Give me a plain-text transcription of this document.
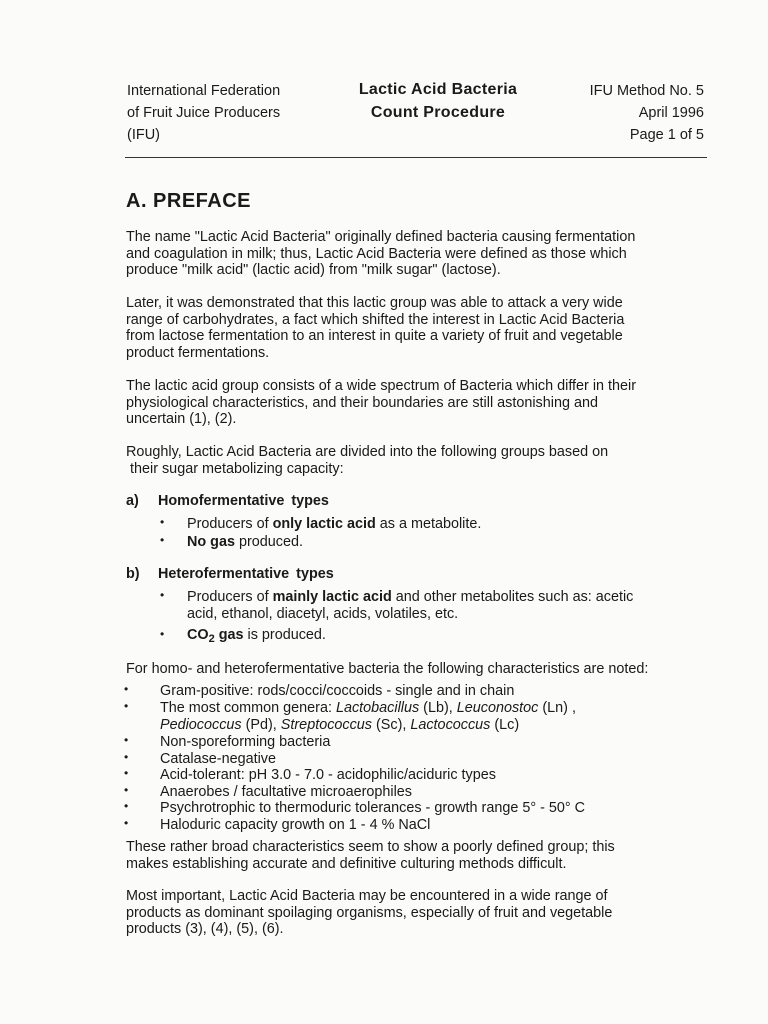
International Federation
of Fruit Juice Producers
(IFU)
Lactic Acid Bacteria
Count Procedure
IFU Method No. 5
April 1996
Page 1 of 5
A. PREFACE
The name "Lactic Acid Bacteria" originally defined bacteria causing fermentation
and coagulation in milk; thus, Lactic Acid Bacteria were defined as those which
produce "milk acid" (lactic acid) from "milk sugar" (lactose).
Later, it was demonstrated that this lactic group was able to attack a very wide
range of carbohydrates, a fact which shifted the interest in Lactic Acid Bacteria
from lactose fermentation to an interest in quite a variety of fruit and vegetable
product fermentations.
The lactic acid group consists of a wide spectrum of Bacteria which differ in their
physiological characteristics, and their boundaries are still astonishing and
uncertain (1), (2).
Roughly, Lactic Acid Bacteria are divided into the following groups based on
their sugar metabolizing capacity:
a) Homofermentative types
• Producers of only lactic acid as a metabolite.
• No gas produced.
b) Heterofermentative types
• Producers of mainly lactic acid and other metabolites such as: acetic
acid, ethanol, diacetyl, acids, volatiles, etc.
• $CO_2$ gas is produced.
For homo- and heterofermentative bacteria the following characteristics are noted:
• Gram-positive: rods/cocci/coccoids - single and in chain
• The most common genera: Lactobacillus (Lb), Leuconostoc (Ln) ,
Pediococcus (Pd), Streptococcus (Sc), Lactococcus (Lc)
• Non-sporeforming bacteria
• Catalase-negative
• Acid-tolerant: pH 3.0 - 7.0 - acidophilic/aciduric types
• Anaerobes / facultative microaerophiles
• Psychrotrophic to thermoduric tolerances - growth range 5° - 50° C
• Haloduric capacity growth on 1 - 4 % NaCl
These rather broad characteristics seem to show a poorly defined group; this
makes establishing accurate and definitive culturing methods difficult.
Most important, Lactic Acid Bacteria may be encountered in a wide range of
products as dominant spoilaging organisms, especially of fruit and vegetable
products (3), (4), (5), (6).
